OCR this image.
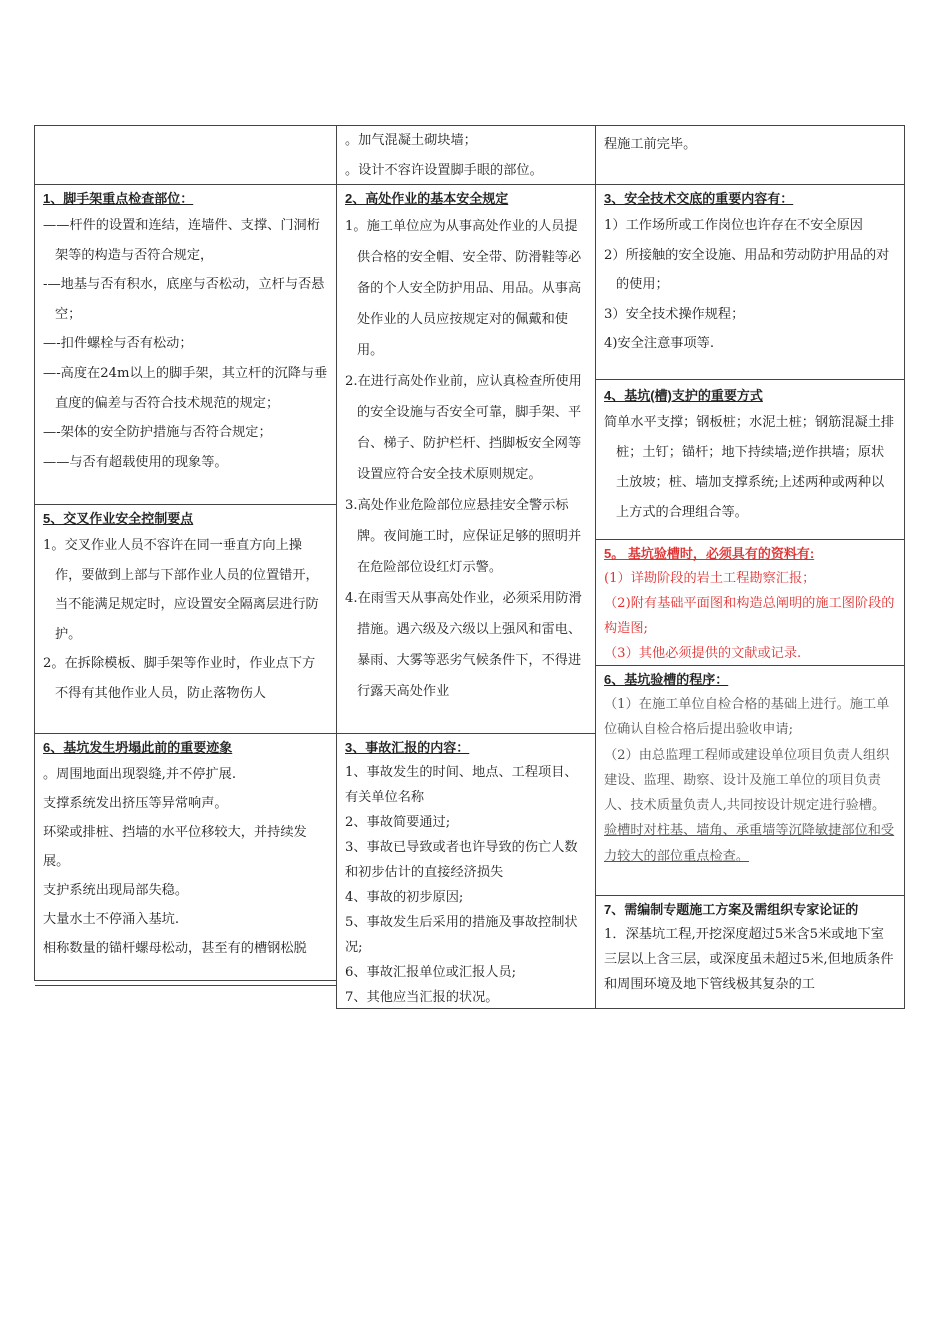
1、脚手架重点检查部位：
——杆件的设置和连结，连墙件、支撑、门洞桁架等的构造与否符合规定，
-—地基与否有积水，底座与否松动，立杆与否悬空；
—-扣件螺栓与否有松动；
—-高度在24m以上的脚手架，其立杆的沉降与垂直度的偏差与否符合技术规范的规定；
—-架体的安全防护措施与否符合规定；
——与否有超载使用的现象等。
5、交叉作业安全控制要点
1。交叉作业人员不容许在同一垂直方向上操作，要做到上部与下部作业人员的位置错开，当不能满足规定时，应设置安全隔离层进行防护。
2。在拆除模板、脚手架等作业时，作业点下方不得有其他作业人员，防止落物伤人
6、基坑发生坍塌此前的重要迹象
。周围地面出现裂缝,并不停扩展.
支撑系统发出挤压等异常响声。
环梁或排桩、挡墙的水平位移较大，并持续发展。
支护系统出现局部失稳。
大量水土不停涌入基坑.
相称数量的锚杆螺母松动，甚至有的槽钢松脱
。加气混凝土砌块墙；
。设计不容许设置脚手眼的部位。
2、高处作业的基本安全规定
1。施工单位应为从事高处作业的人员提供合格的安全帽、安全带、防滑鞋等必备的个人安全防护用品、用品。从事高处作业的人员应按规定对的佩戴和使用。
2.在进行高处作业前，应认真检查所使用的安全设施与否安全可靠，脚手架、平台、梯子、防护栏杆、挡脚板安全网等设置应符合安全技术原则规定。
3.高处作业危险部位应悬挂安全警示标牌。夜间施工时，应保证足够的照明并在危险部位设红灯示警。
4.在雨雪天从事高处作业，必须采用防滑措施。遇六级及六级以上强风和雷电、暴雨、大雾等恶劣气候条件下，不得进行露天高处作业
3、事故汇报的内容：
1、事故发生的时间、地点、工程项目、有关单位名称
2、事故简要通过;
3、事故已导致或者也许导致的伤亡人数和初步估计的直接经济损失
4、事故的初步原因;
5、事故发生后采用的措施及事故控制状况;
6、事故汇报单位或汇报人员;
7、其他应当汇报的状况。
程施工前完毕。
3、安全技术交底的重要内容有：
1）工作场所或工作岗位也许存在不安全原因
2）所接触的安全设施、用品和劳动防护用品的对的使用；
3）安全技术操作规程；
4)安全注意事项等.
4、基坑(槽)支护的重要方式
简单水平支撑；钢板桩；水泥土桩；钢筋混凝土排桩；土钉；锚杆；地下持续墙;逆作拱墙；原状土放坡；桩、墙加支撑系统;上述两种或两种以上方式的合理组合等。
5。 基坑验槽时，必须具有的资料有:
(1）详勘阶段的岩土工程勘察汇报；
（2)附有基础平面图和构造总阐明的施工图阶段的构造图;
（3）其他必须提供的文献或记录.
6、基坑验槽的程序：
（1）在施工单位自检合格的基础上进行。施工单位确认自检合格后提出验收申请;
（2）由总监理工程师或建设单位项目负责人组织建设、监理、勘察、设计及施工单位的项目负责人、技术质量负责人,共同按设计规定进行验槽。
验槽时对柱基、墙角、承重墙等沉降敏捷部位和受力较大的部位重点检查。
7、需编制专题施工方案及需组织专家论证的
1．深基坑工程,开挖深度超过5米含5米或地下室三层以上含三层，或深度虽未超过5米,但地质条件和周围环境及地下管线极其复杂的工
